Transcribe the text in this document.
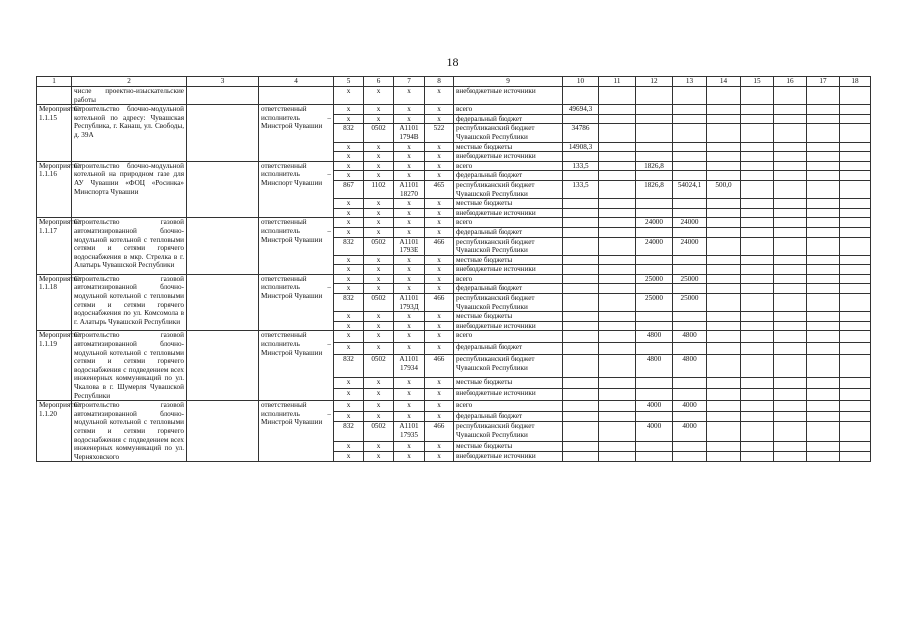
18
1	2	3	4	5	6	7	8	9	10	11	12	13	14	15	16	17	18
	числе проектно-изыскательские работы			x	x	x	x	внебюджетные источники									
Мероприятие 1.1.15	Строительство блочно-модульной котельной по адресу: Чувашская Республика, г. Канаш, ул. Свободы, д. 39А		ответственный исполнитель – Минстрой Чувашии	x	x	x	x	всего	49694,3								
				x	x	x	x	федеральный бюджет									
				832	0502	А1101 1794В	522	республиканский бюджет Чувашской Республики	34786								
				x	x	x	x	местные бюджеты	14908,3								
				x	x	x	x	внебюджетные источники									
Мероприятие 1.1.16	Строительство блочно-модульной котельной на природном газе для АУ Чувашии «ФОЦ «Росинка» Минспорта Чувашии		ответственный исполнитель – Минспорт Чувашии	x	x	x	x	всего	133,5		1826,8						
				x	x	x	x	федеральный бюджет									
				867	1102	А1101 18270	465	республиканский бюджет Чувашской Республики	133,5		1826,8	54024,1	500,0				
				x	x	x	x	местные бюджеты									
				x	x	x	x	внебюджетные источники									
Мероприятие 1.1.17	Строительство газовой автоматизированной блочно-модульной котельной с тепловыми сетями и сетями горячего водоснабжения в мкр. Стрелка в г. Алатырь Чувашской Республики		ответственный исполнитель – Минстрой Чувашии	x	x	x	x	всего			24000	24000					
				x	x	x	x	федеральный бюджет									
				832	0502	А1101 1793Е	466	республиканский бюджет Чувашской Республики			24000	24000					
				x	x	x	x	местные бюджеты									
				x	x	x	x	внебюджетные источники									
Мероприятие 1.1.18	Строительство газовой автоматизированной блочно-модульной котельной с тепловыми сетями и сетями горячего водоснабжения по ул. Комсомола в г. Алатырь Чувашской Республики		ответственный исполнитель – Минстрой Чувашии	x	x	x	x	всего			25000	25000					
				x	x	x	x	федеральный бюджет									
				832	0502	А1101 1793Д	466	республиканский бюджет Чувашской Республики			25000	25000					
				x	x	x	x	местные бюджеты									
				x	x	x	x	внебюджетные источники									
Мероприятие 1.1.19	Строительство газовой автоматизированной блочно-модульной котельной с тепловыми сетями и сетями горячего водоснабжения с подведением всех инженерных коммуникаций по ул. Чкалова в г. Шумерля Чувашской Республики		ответственный исполнитель – Минстрой Чувашии	x	x	x	x	всего			4800	4800					
				x	x	x	x	федеральный бюджет									
				832	0502	А1101 17934	466	республиканский бюджет Чувашской Республики			4800	4800					
				x	x	x	x	местные бюджеты									
				x	x	x	x	внебюджетные источники									
Мероприятие 1.1.20	Строительство газовой автоматизированной блочно-модульной котельной с тепловыми сетями и сетями горячего водоснабжения с подведением всех инженерных коммуникаций по ул. Черняховского		ответственный исполнитель – Минстрой Чувашии	x	x	x	x	всего			4000	4000					
				x	x	x	x	федеральный бюджет									
				832	0502	А1101 17935	466	республиканский бюджет Чувашской Республики			4000	4000					
				x	x	x	x	местные бюджеты									
				x	x	x	x	внебюджетные источники									
